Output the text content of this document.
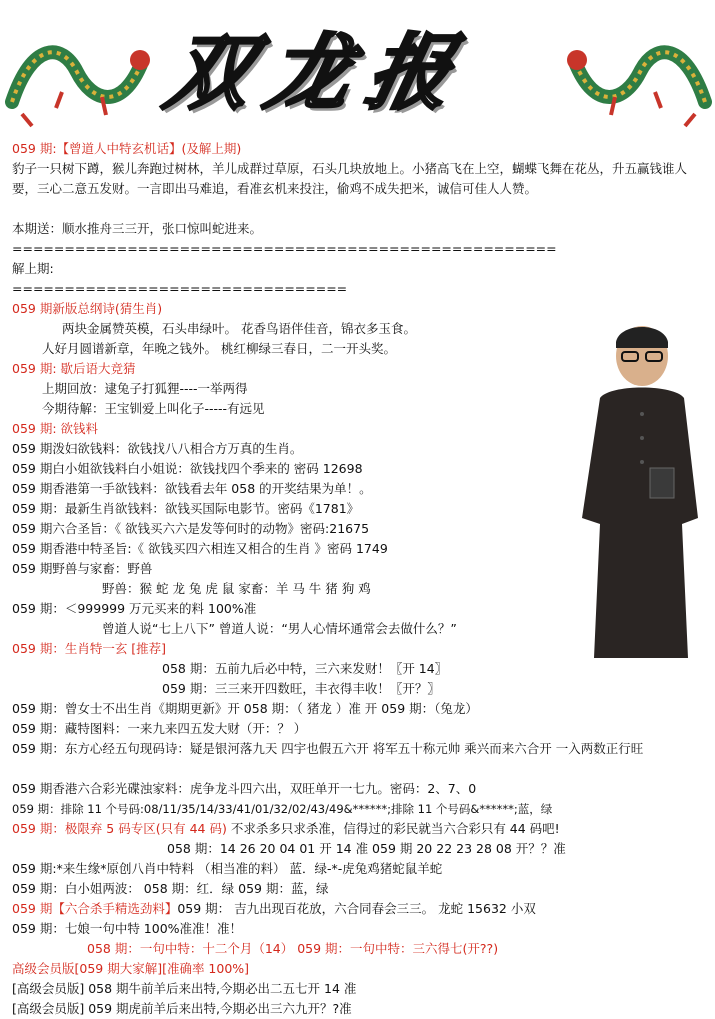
双龙报
059 期:【曾道人中特玄机话】(及解上期)
豹子一只树下蹲，猴儿奔跑过树林，羊儿成群过草原，石头几块放地上。小猪高飞在上空，蝴蝶飞舞在花丛，升五赢钱谁人要，三心二意五发财。一言即出马难追，看准玄机来投注，偷鸡不成失把米，诚信可佳人人赞。
本期送：顺水推舟三三开，张口惊叫蛇进来。
====================================================
解上期:
================================
059 期新版总纲诗(猜生肖)
两块金属赞英模，石头串绿叶。 花香鸟语伴佳音，锦衣多玉食。
人好月圆谱新章，年晚之钱外。 桃红柳绿三春日，二一开头奖。
059 期: 歇后语大竞猜
上期回放：逮兔子打狐狸----一举两得
今期待解：王宝钏爱上叫化子-----有远见
059 期: 欲钱料
059 期泼妇欲钱料：欲钱找八八相合方万真的生肖。
059 期白小姐欲钱料白小姐说：欲钱找四个季来的 密码 12698
059 期香港第一手欲钱料：欲钱看去年 058 的开奖结果为单！。
059 期：最新生肖欲钱料：欲钱买国际电影节。密码《1781》
059 期六合圣旨：《 欲钱买六六是发等何时的动物》密码:21675
059 期香港中特圣旨:《 欲钱买四六相连又相合的生肖 》密码 1749
059 期野兽与家畜：野兽
野兽：猴 蛇 龙 兔 虎 鼠 家畜：羊 马 牛 猪 狗 鸡
059 期：＜999999 万元买来的料 100%准
曾道人说“七上八下” 曾道人说：“男人心情坏通常会去做什么？”
059 期：生肖特一玄 [推荐]
058 期：五前九后必中特，三六来发财！〖开 14〗
059 期：三三来开四数旺，丰衣得丰收！〖开？〗
059 期：曾女士不出生肖《期期更新》开 058 期：（ 猪龙 ）准 开 059 期：（兔龙）
059 期：藏特图料：一来九来四五发大财（开：？ ）
059 期：东方心经五句现码诗：疑是银河落九天 四宇也假五六开 将军五十称元帅 乘兴而来六合开 一入两数正行旺
059 期香港六合彩光碟浊家料：虎争龙斗四六出，双旺单开一七九。密码：2、7、0
059 期：排除 11 个号码:08/11/35/14/33/41/01/32/02/43/49&******;排除 11 个号码&******;蓝，绿
059 期：极限弃 5 码专区(只有 44 码) 不求杀多只求杀准，信得过的彩民就当六合彩只有 44 码吧!
058 期：14 26 20 04 01 开 14 准 059 期 20 22 23 28 08 开？？准
059 期:*来生缘*原创八肖中特料 （相当准的料） 蓝．绿-*-虎兔鸡猪蛇鼠羊蛇
059 期：白小姐两波： 058 期：红．绿 059 期：蓝，绿
059 期【六合杀手精选劲料】059 期： 吉九出现百花放，六合同春会三三。 龙蛇 15632 小双
059 期：七娘一句中特 100%准准！准！
058 期：一句中特：十二个月（14） 059 期：一句中特：三六得七(开??)
高级会员版[059 期大家解][准确率 100%]
[高级会员版] 058 期牛前羊后来出特,今期必出二五七开 14 准
[高级会员版] 059 期虎前羊后来出特,今期必出三六九开？?准
